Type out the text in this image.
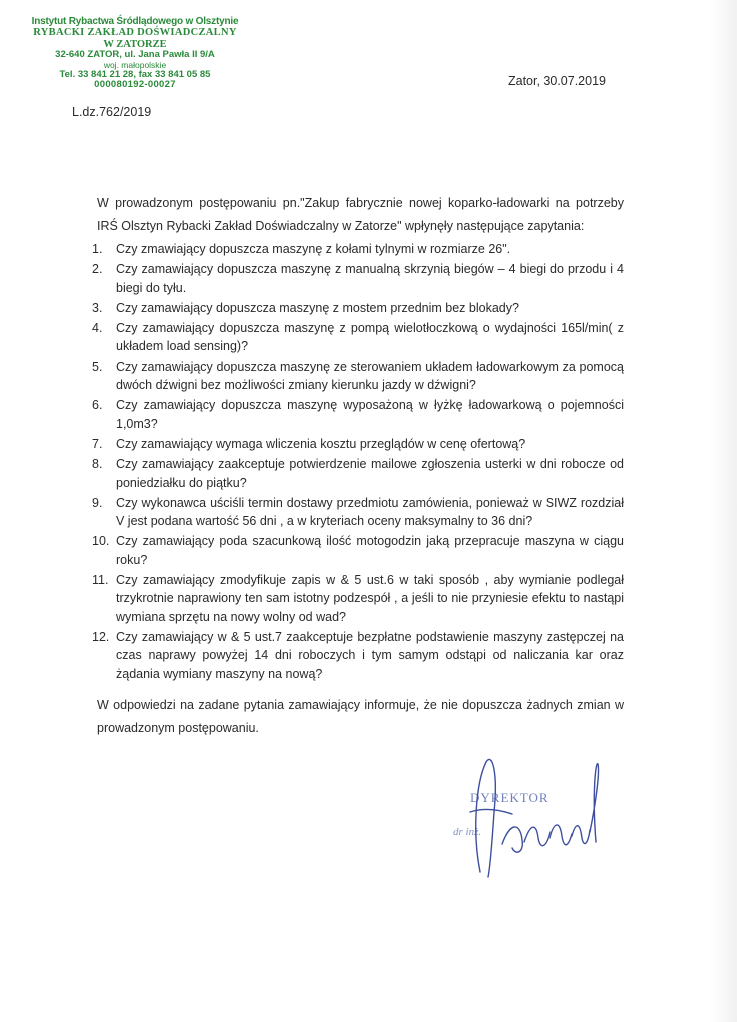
Instytut Rybactwa Śródlądowego w Olsztynie
RYBACKI ZAKŁAD DOŚWIADCZALNY
W ZATORZE
32-640 ZATOR, ul. Jana Pawła II 9/A
woj. małopolskie
Tel. 33 841 21 28, fax 33 841 05 85
000080192-00027	Zator, 30.07.2019
L.dz.762/2019
W prowadzonym postępowaniu pn."Zakup fabrycznie nowej koparko-ładowarki na potrzeby IRŚ Olsztyn Rybacki Zakład Doświadczalny w Zatorze" wpłynęły następujące zapytania:
1. Czy zmawiający dopuszcza maszynę z kołami tylnymi w rozmiarze 26".
2. Czy zamawiający dopuszcza maszynę z manualną skrzynią biegów – 4 biegi do przodu i 4 biegi do tyłu.
3. Czy zamawiający dopuszcza maszynę z mostem przednim bez blokady?
4. Czy zamawiający dopuszcza maszynę z pompą wielotłoczkową o wydajności 165l/min( z układem load sensing)?
5. Czy zamawiający dopuszcza maszynę ze sterowaniem układem ładowarkowym za pomocą dwóch dźwigni bez możliwości zmiany kierunku jazdy w dźwigni?
6. Czy zamawiający dopuszcza maszynę wyposażoną w łyżkę ładowarkową o pojemności 1,0m3?
7. Czy zamawiający wymaga wliczenia kosztu przeglądów w cenę ofertową?
8. Czy zamawiający zaakceptuje potwierdzenie mailowe zgłoszenia usterki w dni robocze od poniedziałku do piątku?
9. Czy wykonawca uściśli termin dostawy przedmiotu zamówienia, ponieważ w SIWZ rozdział V jest podana wartość 56 dni , a w kryteriach oceny maksymalny to 36 dni?
10. Czy zamawiający poda szacunkową ilość motogodzin jaką przepracuje maszyna w ciągu roku?
11. Czy zamawiający zmodyfikuje zapis w & 5 ust.6 w taki sposób , aby wymianie podlegał trzykrotnie naprawiony ten sam istotny podzespół , a jeśli to nie przyniesie efektu to nastąpi wymiana sprzętu na nowy wolny od wad?
12. Czy zamawiający w & 5 ust.7 zaakceptuje bezpłatne podstawienie maszyny zastępczej na czas naprawy powyżej 14 dni roboczych i tym samym odstąpi od naliczania kar oraz żądania wymiany maszyny na nową?
W odpowiedzi na zadane pytania zamawiający informuje, że nie dopuszcza żadnych zmian w prowadzonym postępowaniu.
DYREKTOR
dr inż.
